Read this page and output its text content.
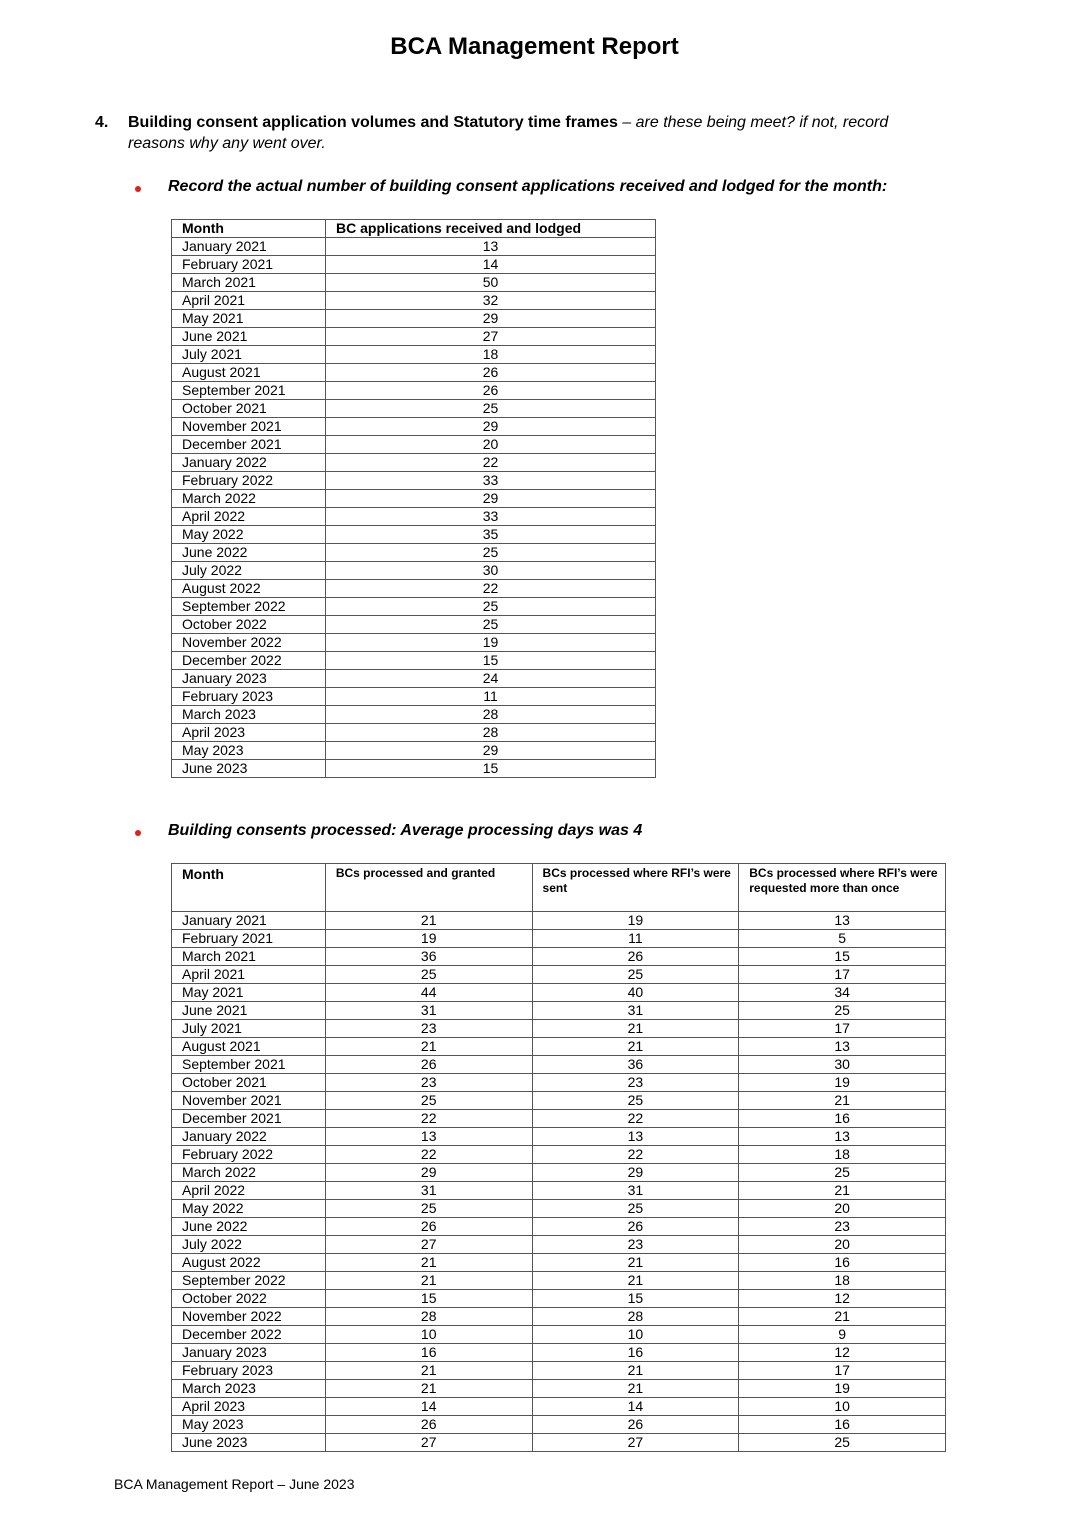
BCA Management Report
4. Building consent application volumes and Statutory time frames – are these being meet? if not, record reasons why any went over.
Record the actual number of building consent applications received and lodged for the month:
Month	BC applications received and lodged
January 2021	13
February 2021	14
March 2021	50
April 2021	32
May 2021	29
June 2021	27
July 2021	18
August 2021	26
September 2021	26
October 2021	25
November 2021	29
December 2021	20
January 2022	22
February 2022	33
March 2022	29
April 2022	33
May 2022	35
June 2022	25
July 2022	30
August 2022	22
September 2022	25
October 2022	25
November 2022	19
December 2022	15
January 2023	24
February 2023	11
March 2023	28
April 2023	28
May 2023	29
June 2023	15
Building consents processed: Average processing days was 4
Month	BCs processed and granted	BCs processed where RFI’s were sent	BCs processed where RFI’s were requested more than once
January 2021	21	19	13
February 2021	19	11	5
March 2021	36	26	15
April 2021	25	25	17
May 2021	44	40	34
June 2021	31	31	25
July 2021	23	21	17
August 2021	21	21	13
September 2021	26	36	30
October 2021	23	23	19
November 2021	25	25	21
December 2021	22	22	16
January 2022	13	13	13
February 2022	22	22	18
March 2022	29	29	25
April 2022	31	31	21
May 2022	25	25	20
June 2022	26	26	23
July 2022	27	23	20
August 2022	21	21	16
September 2022	21	21	18
October 2022	15	15	12
November 2022	28	28	21
December 2022	10	10	9
January 2023	16	16	12
February 2023	21	21	17
March 2023	21	21	19
April 2023	14	14	10
May 2023	26	26	16
June 2023	27	27	25
BCA Management Report – June 2023
